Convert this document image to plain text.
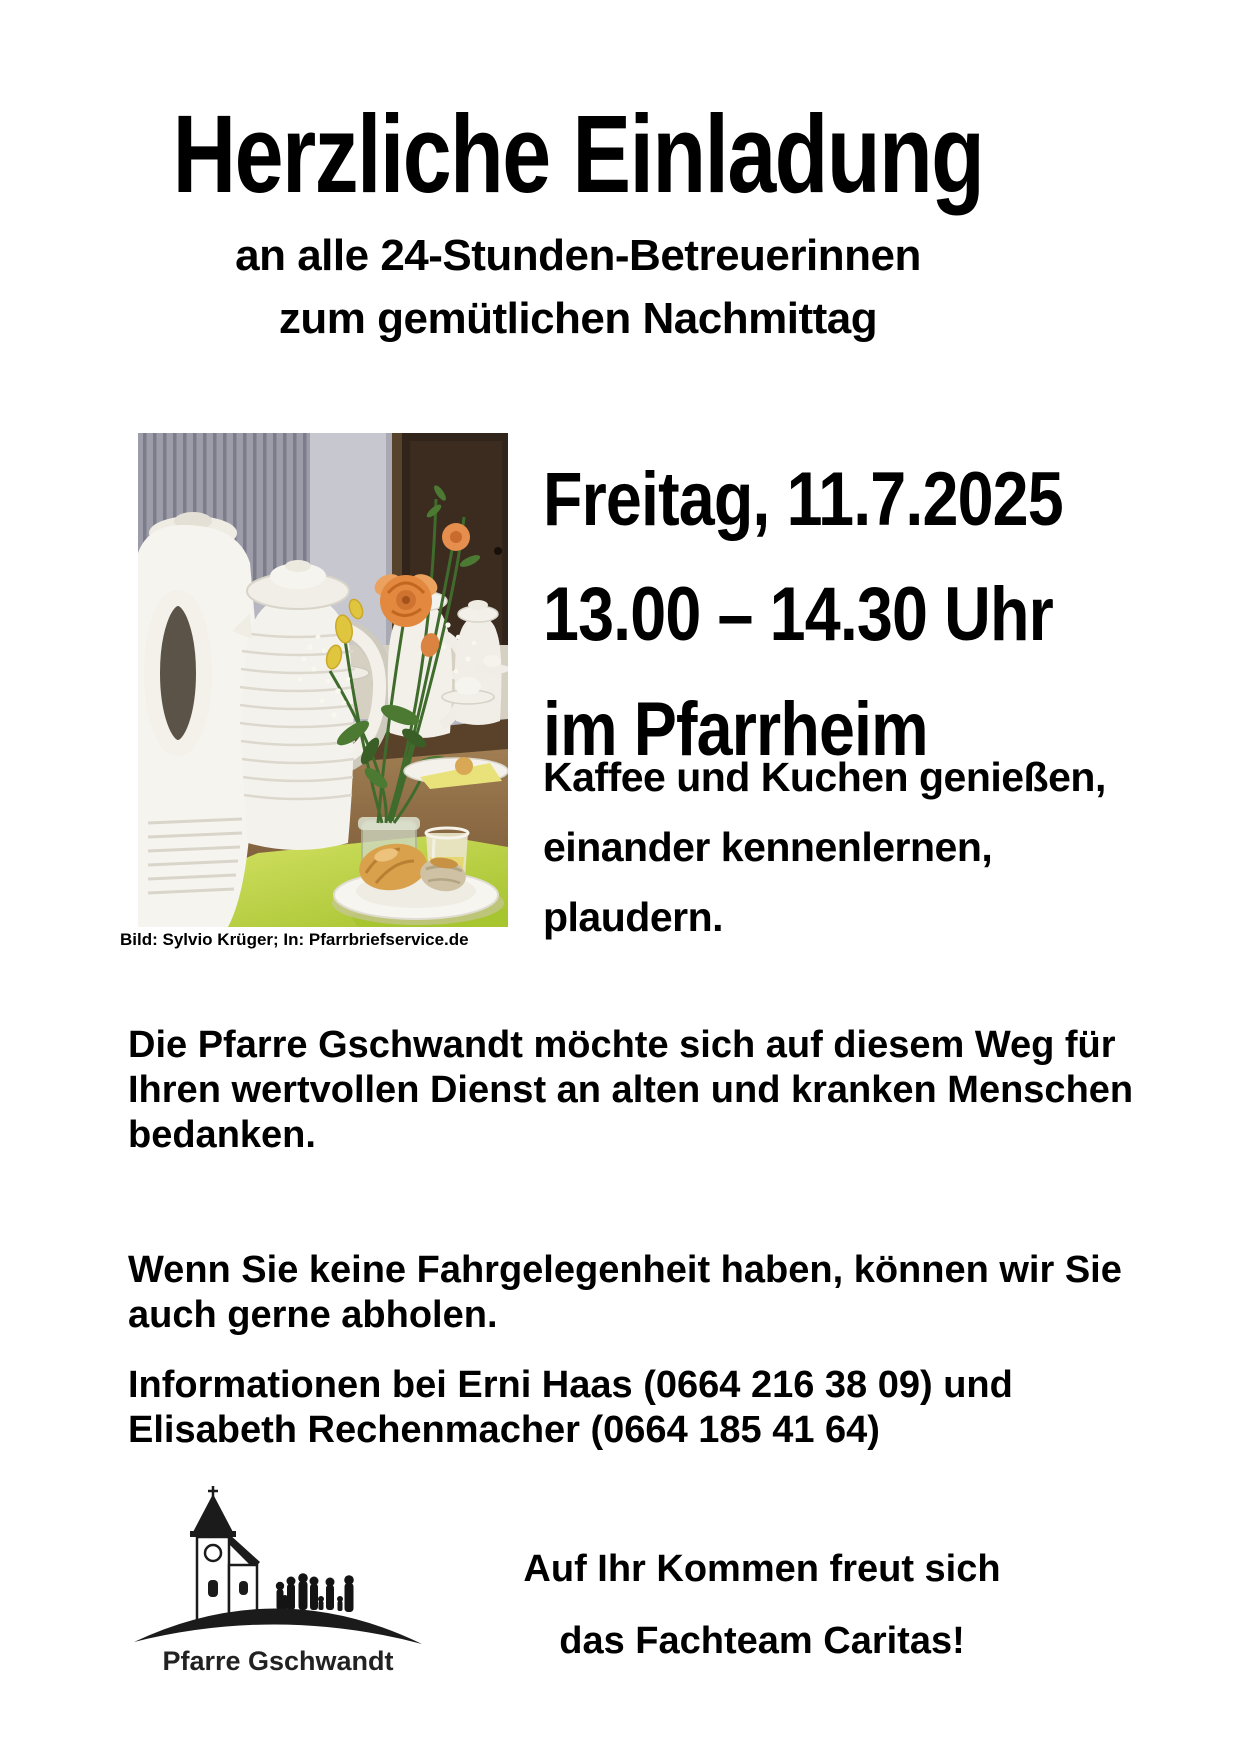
Herzliche Einladung
an alle 24-Stunden-Betreuerinnen
zum gemütlichen Nachmittag
Bild: Sylvio Krüger; In: Pfarrbriefservice.de
Freitag, 11.7.2025
13.00 – 14.30 Uhr
im Pfarrheim
Kaffee und Kuchen genießen,
einander kennenlernen,
plaudern.
Die Pfarre Gschwandt möchte sich auf diesem Weg für Ihren wertvollen Dienst an alten und kranken Menschen bedanken.
Wenn Sie keine Fahrgelegenheit haben, können wir Sie auch gerne abholen.
Informationen bei Erni Haas (0664 216 38 09) und Elisabeth Rechenmacher (0664 185 41 64)
Pfarre Gschwandt
Auf Ihr Kommen freut sich
das Fachteam Caritas!
